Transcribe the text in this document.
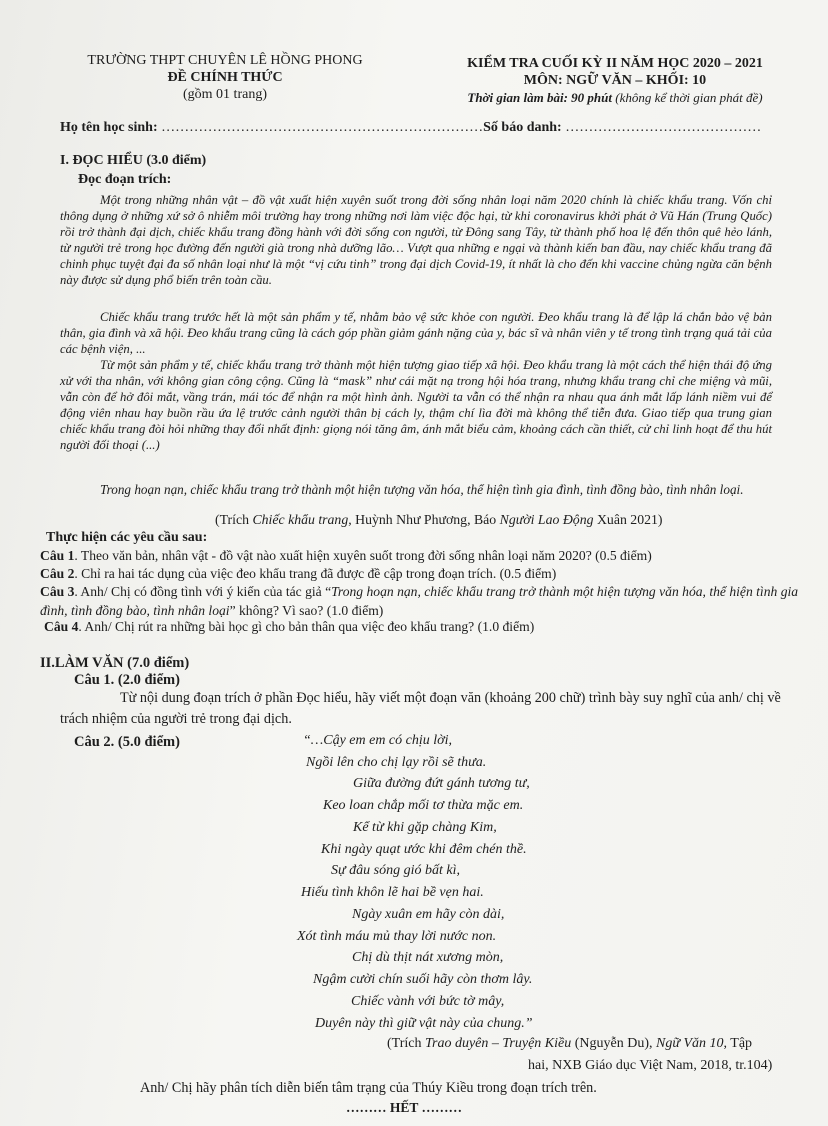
TRƯỜNG THPT CHUYÊN LÊ HỒNG PHONG
ĐỀ CHÍNH THỨC
(gồm 01 trang)
KIỂM TRA CUỐI KỲ II NĂM HỌC 2020 – 2021
MÔN: NGỮ VĂN – KHỐI: 10
Thời gian làm bài: 90 phút (không kể thời gian phát đề)
Họ tên học sinh: ……………………………………………………………Số báo danh: ……………………………………
I. ĐỌC HIỂU (3.0 điểm)
Đọc đoạn trích:

Một trong những nhân vật – đồ vật xuất hiện xuyên suốt trong đời sống nhân loại năm 2020 chính là chiếc khẩu trang. Vốn chỉ thông dụng ở những xứ sở ô nhiễm môi trường hay trong những nơi làm việc độc hại, từ khi coronavirus khởi phát ở Vũ Hán (Trung Quốc) rồi trở thành đại dịch, chiếc khẩu trang đồng hành với đời sống con người, từ Đông sang Tây, từ thành phố hoa lệ đến thôn quê hẻo lánh, từ người trẻ trong học đường đến người già trong nhà dưỡng lão… Vượt qua những e ngại và thành kiến ban đầu, nay chiếc khẩu trang đã chinh phục tuyệt đại đa số nhân loại như là một “vị cứu tinh” trong đại dịch Covid-19, ít nhất là cho đến khi vaccine chủng ngừa căn bệnh này được sử dụng phổ biến trên toàn cầu.

Chiếc khẩu trang trước hết là một sản phẩm y tế, nhằm bảo vệ sức khỏe con người. Đeo khẩu trang là để lập lá chắn bảo vệ bản thân, gia đình và xã hội. Đeo khẩu trang cũng là cách góp phần giảm gánh nặng của y, bác sĩ và nhân viên y tế trong tình trạng quá tải của các bệnh viện, ...

Từ một sản phẩm y tế, chiếc khẩu trang trở thành một hiện tượng giao tiếp xã hội. Đeo khẩu trang là một cách thể hiện thái độ ứng xử với tha nhân, với không gian công cộng. Cũng là “mask” như cái mặt nạ trong hội hóa trang, nhưng khẩu trang chỉ che miệng và mũi, vẫn còn để hở đôi mắt, vầng trán, mái tóc để nhận ra một hình ảnh. Người ta vẫn có thể nhận ra nhau qua ánh mắt lấp lánh niềm vui để động viên nhau hay buồn rầu ứa lệ trước cảnh người thân bị cách ly, thậm chí lìa đời mà không thể tiễn đưa. Giao tiếp qua trung gian chiếc khẩu trang đòi hỏi những thay đổi nhất định: giọng nói tăng âm, ánh mắt biểu cảm, khoảng cách cần thiết, cử chỉ linh hoạt để thu hút người đối thoại (...)

Trong hoạn nạn, chiếc khẩu trang trở thành một hiện tượng văn hóa, thể hiện tình gia đình, tình đồng bào, tình nhân loại.

(Trích Chiếc khẩu trang, Huỳnh Như Phương, Báo Người Lao Động Xuân 2021)
Thực hiện các yêu cầu sau:
Câu 1. Theo văn bản, nhân vật - đồ vật nào xuất hiện xuyên suốt trong đời sống nhân loại năm 2020? (0.5 điểm)
Câu 2. Chỉ ra hai tác dụng của việc đeo khẩu trang đã được đề cập trong đoạn trích. (0.5 điểm)
Câu 3. Anh/ Chị có đồng tình với ý kiến của tác giả “Trong hoạn nạn, chiếc khẩu trang trở thành một hiện tượng văn hóa, thể hiện tình gia đình, tình đồng bào, tình nhân loại” không? Vì sao? (1.0 điểm)
Câu 4. Anh/ Chị rút ra những bài học gì cho bản thân qua việc đeo khẩu trang? (1.0 điểm)
II.LÀM VĂN (7.0 điểm)
Câu 1. (2.0 điểm)

Từ nội dung đoạn trích ở phần Đọc hiểu, hãy viết một đoạn văn (khoảng 200 chữ) trình bày suy nghĩ của anh/ chị về trách nhiệm của người trẻ trong đại dịch.

Câu 2. (5.0 điểm)	“…Cậy em em có chịu lời,
Ngồi lên cho chị lạy rồi sẽ thưa.
Giữa đường đứt gánh tương tư,
Keo loan chắp mối tơ thừa mặc em.
Kể từ khi gặp chàng Kim,
Khi ngày quạt ước khi đêm chén thề.
Sự đâu sóng gió bất kì,
Hiếu tình khôn lẽ hai bề vẹn hai.
Ngày xuân em hãy còn dài,
Xót tình máu mủ thay lời nước non.
Chị dù thịt nát xương mòn,
Ngậm cười chín suối hãy còn thơm lây.
Chiếc vành với bức tờ mây,
Duyên này thì giữ vật này của chung.”
(Trích Trao duyên – Truyện Kiều (Nguyễn Du), Ngữ Văn 10, Tập
hai, NXB Giáo dục Việt Nam, 2018, tr.104)
Anh/ Chị hãy phân tích diễn biến tâm trạng của Thúy Kiều trong đoạn trích trên.
……… HẾT ………
